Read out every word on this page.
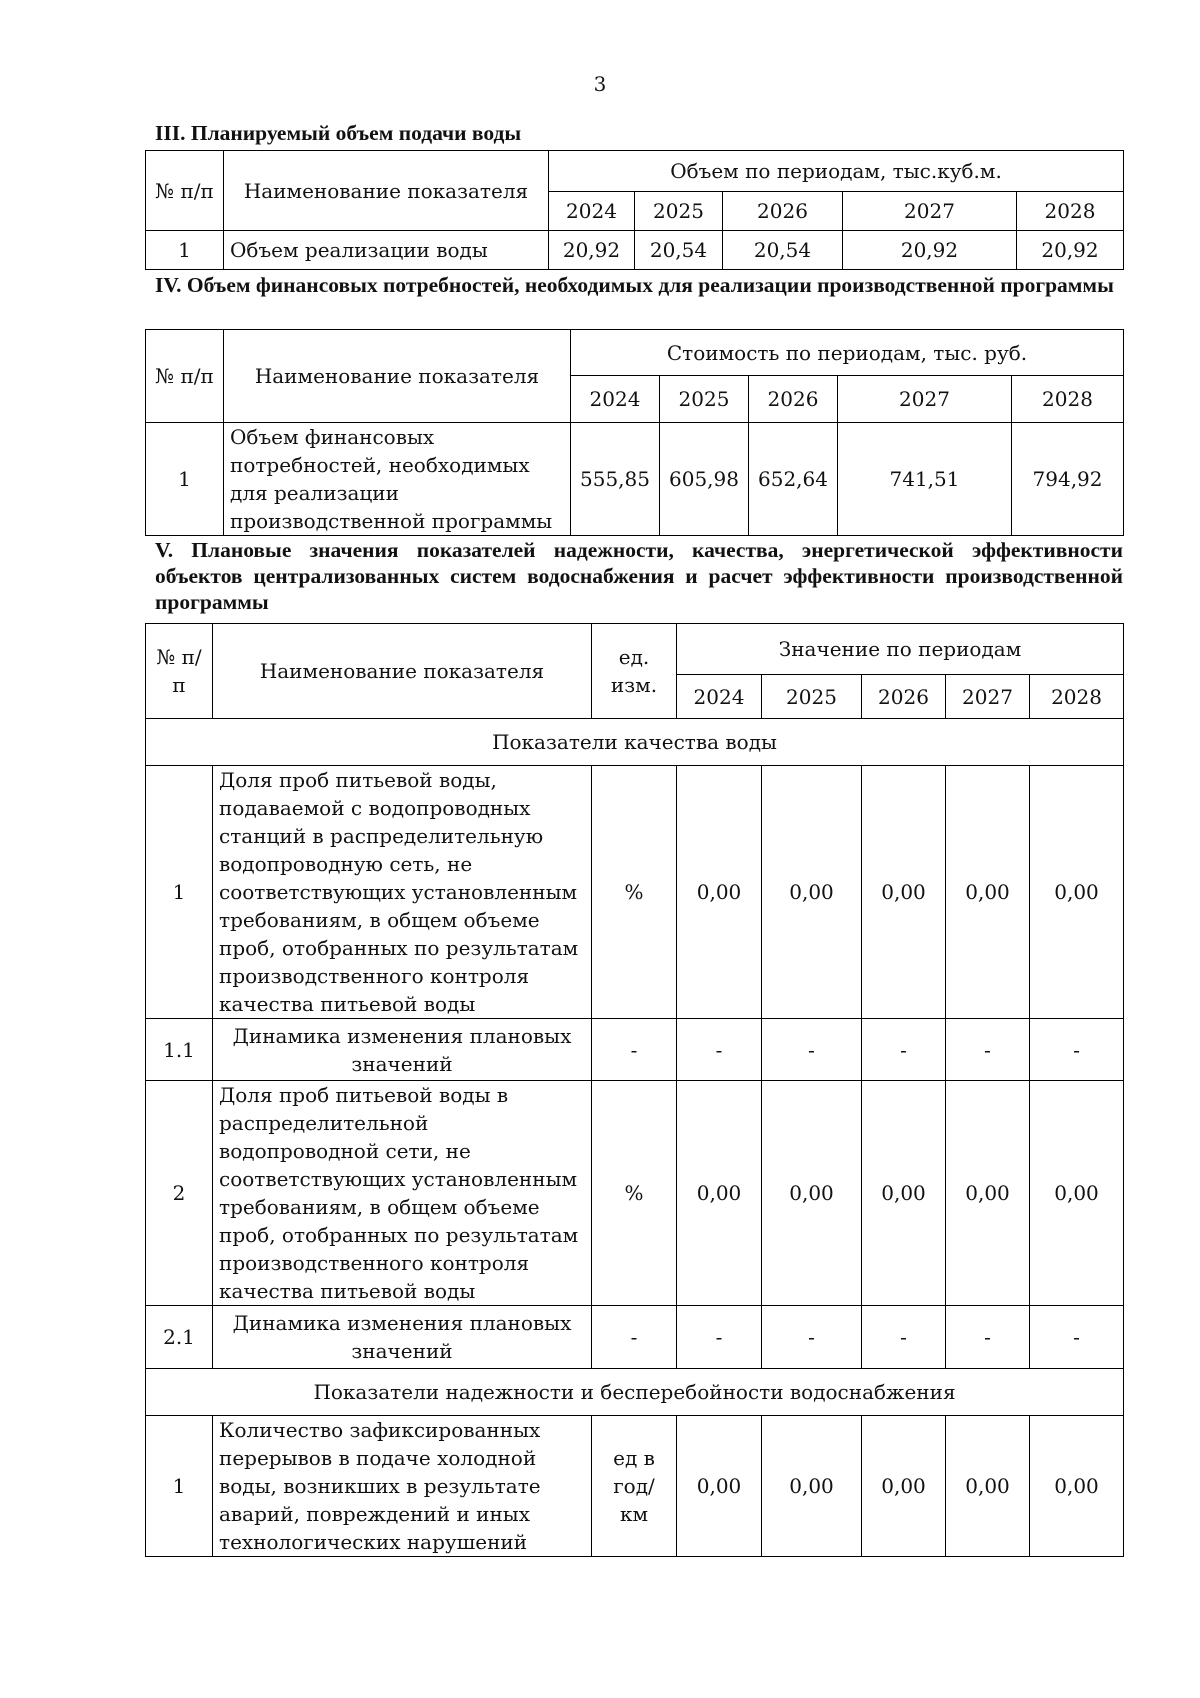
3
III. Планируемый объем подачи воды
№ п/п	Наименование показателя	Объем по периодам, тыс.куб.м.				
		2024	2025	2026	2027	2028
1	Объем реализации воды	20,92	20,54	20,54	20,92	20,92
IV. Объем финансовых потребностей, необходимых для реализации производственной программы
№ п/п	Наименование показателя	Стоимость по периодам, тыс. руб.				
		2024	2025	2026	2027	2028
1	Объем финансовых потребностей, необходимых для реализации производственной программы	555,85	605,98	652,64	741,51	794,92
V. Плановые значения показателей надежности, качества, энергетической эффективности объектов централизованных систем водоснабжения и расчет эффективности производственной программы
№ п/п	Наименование показателя	ед. изм.	Значение по периодам				
			2024	2025	2026	2027	2028
Показатели качества воды							
1	Доля проб питьевой воды, подаваемой с водопроводных станций в распределительную водопроводную сеть, не соответствующих установленным требованиям, в общем объеме проб, отобранных по результатам производственного контроля качества питьевой воды	%	0,00	0,00	0,00	0,00	0,00
1.1	Динамика изменения плановых значений	-	-	-	-	-	-
2	Доля проб питьевой воды в распределительной водопроводной сети, не соответствующих установленным требованиям, в общем объеме проб, отобранных по результатам производственного контроля качества питьевой воды	%	0,00	0,00	0,00	0,00	0,00
2.1	Динамика изменения плановых значений	-	-	-	-	-	-
Показатели надежности и бесперебойности водоснабжения							
1	Количество зафиксированных перерывов в подаче холодной воды, возникших в результате аварий, повреждений и иных технологических нарушений	ед в год/ км	0,00	0,00	0,00	0,00	0,00
